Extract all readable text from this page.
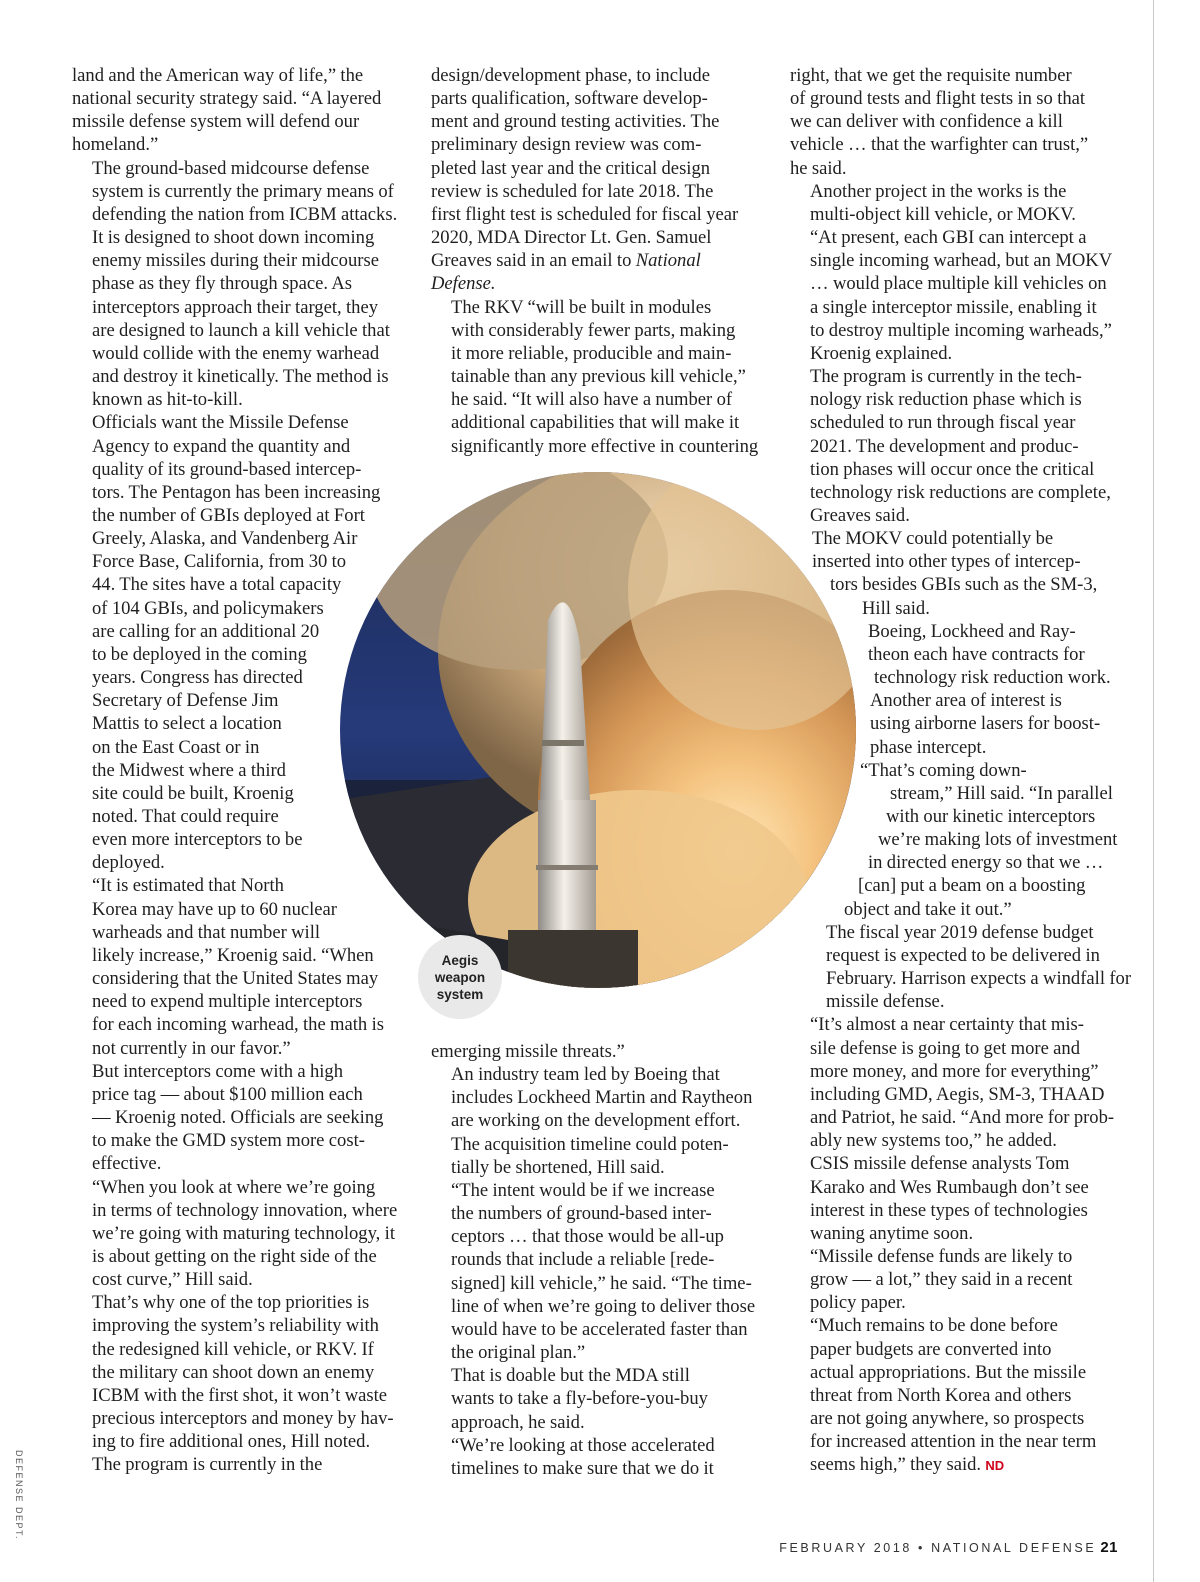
land and the American way of life,” the
national security strategy said. “A layered
missile defense system will defend our
homeland.”

The ground-based midcourse defense
system is currently the primary means of
defending the nation from ICBM attacks.
It is designed to shoot down incoming
enemy missiles during their midcourse
phase as they fly through space. As
interceptors approach their target, they
are designed to launch a kill vehicle that
would collide with the enemy warhead
and destroy it kinetically. The method is
known as hit-to-kill.

Officials want the Missile Defense
Agency to expand the quantity and
quality of its ground-based intercep-
tors. The Pentagon has been increasing
the number of GBIs deployed at Fort
Greely, Alaska, and Vandenberg Air
Force Base, California, from 30 to
44. The sites have a total capacity
of 104 GBIs, and policymakers
are calling for an additional 20
to be deployed in the coming
years. Congress has directed
Secretary of Defense Jim
Mattis to select a location
on the East Coast or in
the Midwest where a third
site could be built, Kroenig
noted. That could require
even more interceptors to be
deployed.

“It is estimated that North
Korea may have up to 60 nuclear
warheads and that number will
likely increase,” Kroenig said. “When
considering that the United States may
need to expend multiple interceptors
for each incoming warhead, the math is
not currently in our favor.”

But interceptors come with a high
price tag — about $100 million each
— Kroenig noted. Officials are seeking
to make the GMD system more cost-
effective.

“When you look at where we’re going
in terms of technology innovation, where
we’re going with maturing technology, it
is about getting on the right side of the
cost curve,” Hill said.

That’s why one of the top priorities is
improving the system’s reliability with
the redesigned kill vehicle, or RKV. If
the military can shoot down an enemy
ICBM with the first shot, it won’t waste
precious interceptors and money by hav-
ing to fire additional ones, Hill noted.

The program is currently in the

design/development phase, to include
parts qualification, software develop-
ment and ground testing activities. The
preliminary design review was com-
pleted last year and the critical design
review is scheduled for late 2018. The
first flight test is scheduled for fiscal year
2020, MDA Director Lt. Gen. Samuel
Greaves said in an email to National
Defense.

The RKV “will be built in modules
with considerably fewer parts, making
it more reliable, producible and main-
tainable than any previous kill vehicle,”
he said. “It will also have a number of
additional capabilities that will make it
significantly more effective in countering

Aegis
weapon
system

emerging missile threats.”

An industry team led by Boeing that
includes Lockheed Martin and Raytheon
are working on the development effort.

The acquisition timeline could poten-
tially be shortened, Hill said.

“The intent would be if we increase
the numbers of ground-based inter-
ceptors … that those would be all-up
rounds that include a reliable [rede-
signed] kill vehicle,” he said. “The time-
line of when we’re going to deliver those
would have to be accelerated faster than
the original plan.”

That is doable but the MDA still
wants to take a fly-before-you-buy
approach, he said.

“We’re looking at those accelerated
timelines to make sure that we do it

right, that we get the requisite number
of ground tests and flight tests in so that
we can deliver with confidence a kill
vehicle … that the warfighter can trust,”
he said.

Another project in the works is the
multi-object kill vehicle, or MOKV.

“At present, each GBI can intercept a
single incoming warhead, but an MOKV
… would place multiple kill vehicles on
a single interceptor missile, enabling it
to destroy multiple incoming warheads,”
Kroenig explained.

The program is currently in the tech-
nology risk reduction phase which is
scheduled to run through fiscal year
2021. The development and produc-
tion phases will occur once the critical
technology risk reductions are complete,
Greaves said.

The MOKV could potentially be
inserted into other types of intercep-
tors besides GBIs such as the SM-3,
Hill said.

Boeing, Lockheed and Ray-
theon each have contracts for
technology risk reduction work.

Another area of interest is
using airborne lasers for boost-
phase intercept.

“That’s coming down-
stream,” Hill said. “In parallel
with our kinetic interceptors
we’re making lots of investment
in directed energy so that we …
[can] put a beam on a boosting
object and take it out.”

The fiscal year 2019 defense budget
request is expected to be delivered in
February. Harrison expects a windfall for
missile defense.

“It’s almost a near certainty that mis-
sile defense is going to get more and
more money, and more for everything”
including GMD, Aegis, SM-3, THAAD
and Patriot, he said. “And more for prob-
ably new systems too,” he added.

CSIS missile defense analysts Tom
Karako and Wes Rumbaugh don’t see
interest in these types of technologies
waning anytime soon.

“Missile defense funds are likely to
grow — a lot,” they said in a recent
policy paper.

“Much remains to be done before
paper budgets are converted into
actual appropriations. But the missile
threat from North Korea and others
are not going anywhere, so prospects
for increased attention in the near term
seems high,” they said. ND

DEFENSE DEPT.
FEBRUARY 2018 • NATIONAL DEFENSE 21
